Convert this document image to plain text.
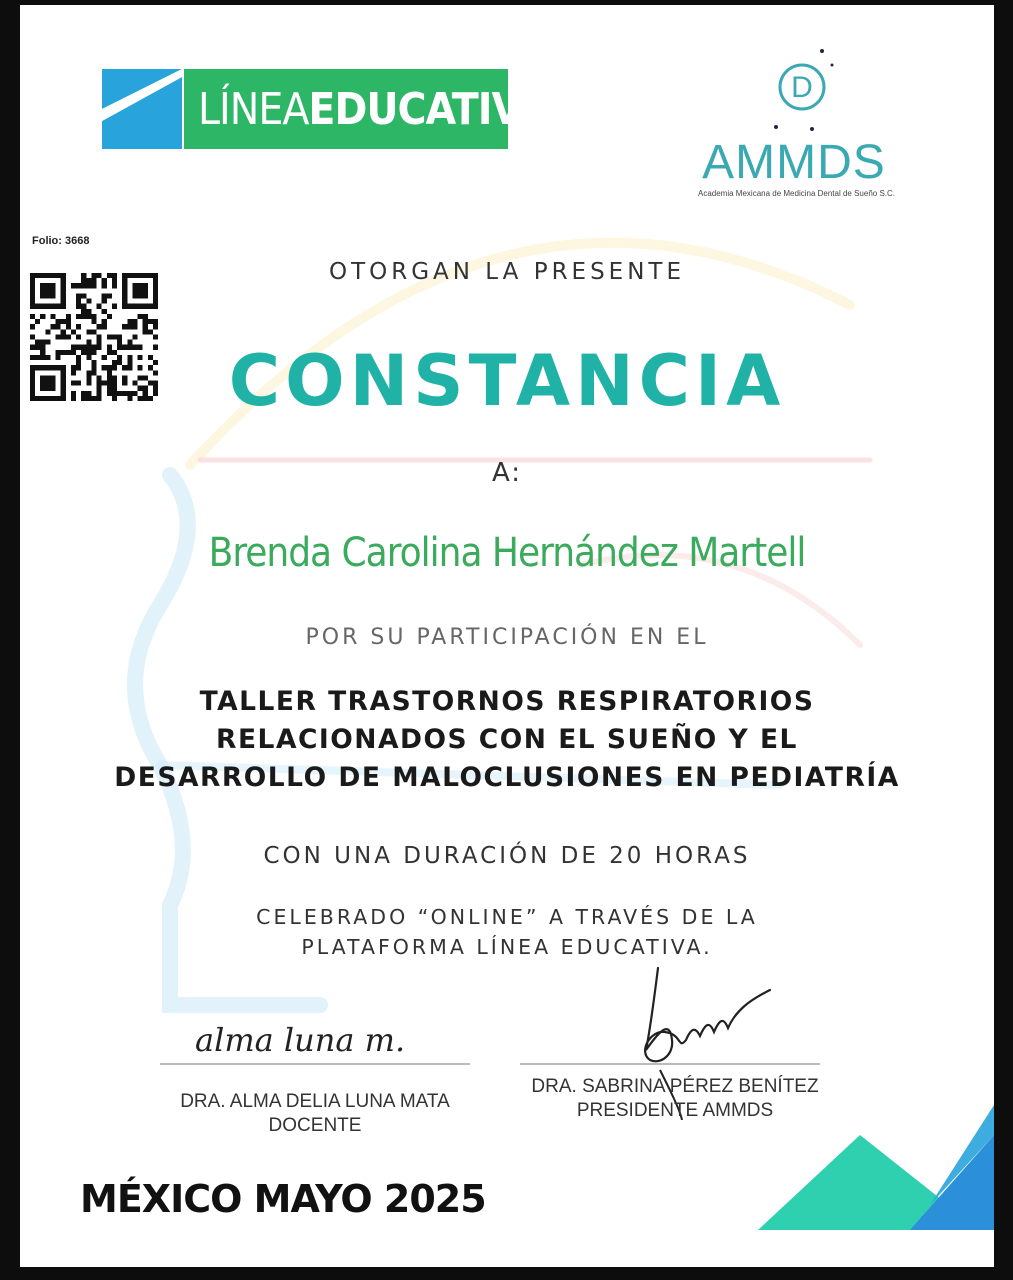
LÍNEA EDUCATIVA	D
AMMDS
Academia Mexicana de Medicina Dental de Sueño S.C.
Folio: 3668
OTORGAN LA PRESENTE
CONSTANCIA
A:
Brenda Carolina Hernández Martell
POR SU PARTICIPACIÓN EN EL
TALLER TRASTORNOS RESPIRATORIOS
RELACIONADOS CON EL SUEÑO Y EL
DESARROLLO DE MALOCLUSIONES EN PEDIATRÍA
CON UNA DURACIÓN DE 20 HORAS
CELEBRADO “ONLINE” A TRAVÉS DE LA
PLATAFORMA LÍNEA EDUCATIVA.
alma luna m.
DRA. ALMA DELIA LUNA MATA
DOCENTE
DRA. SABRINA PÉREZ BENÍTEZ
PRESIDENTE AMMDS
MÉXICO MAYO 2025
